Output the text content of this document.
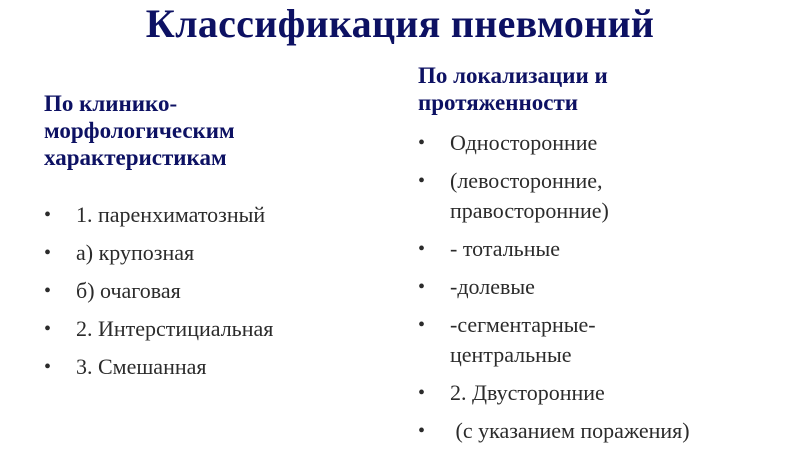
Классификация пневмоний
По клинико-
морфологическим
характеристикам
• 1. паренхиматозный
• а) крупозная
• б) очаговая
• 2. Интерстициальная
• 3. Смешанная
По локализации и
протяженности
• Односторонние
• (левосторонние,
правосторонние)
• - тотальные
• -долевые
• -сегментарные-
центральные
• 2. Двусторонние
• (с указанием поражения)
